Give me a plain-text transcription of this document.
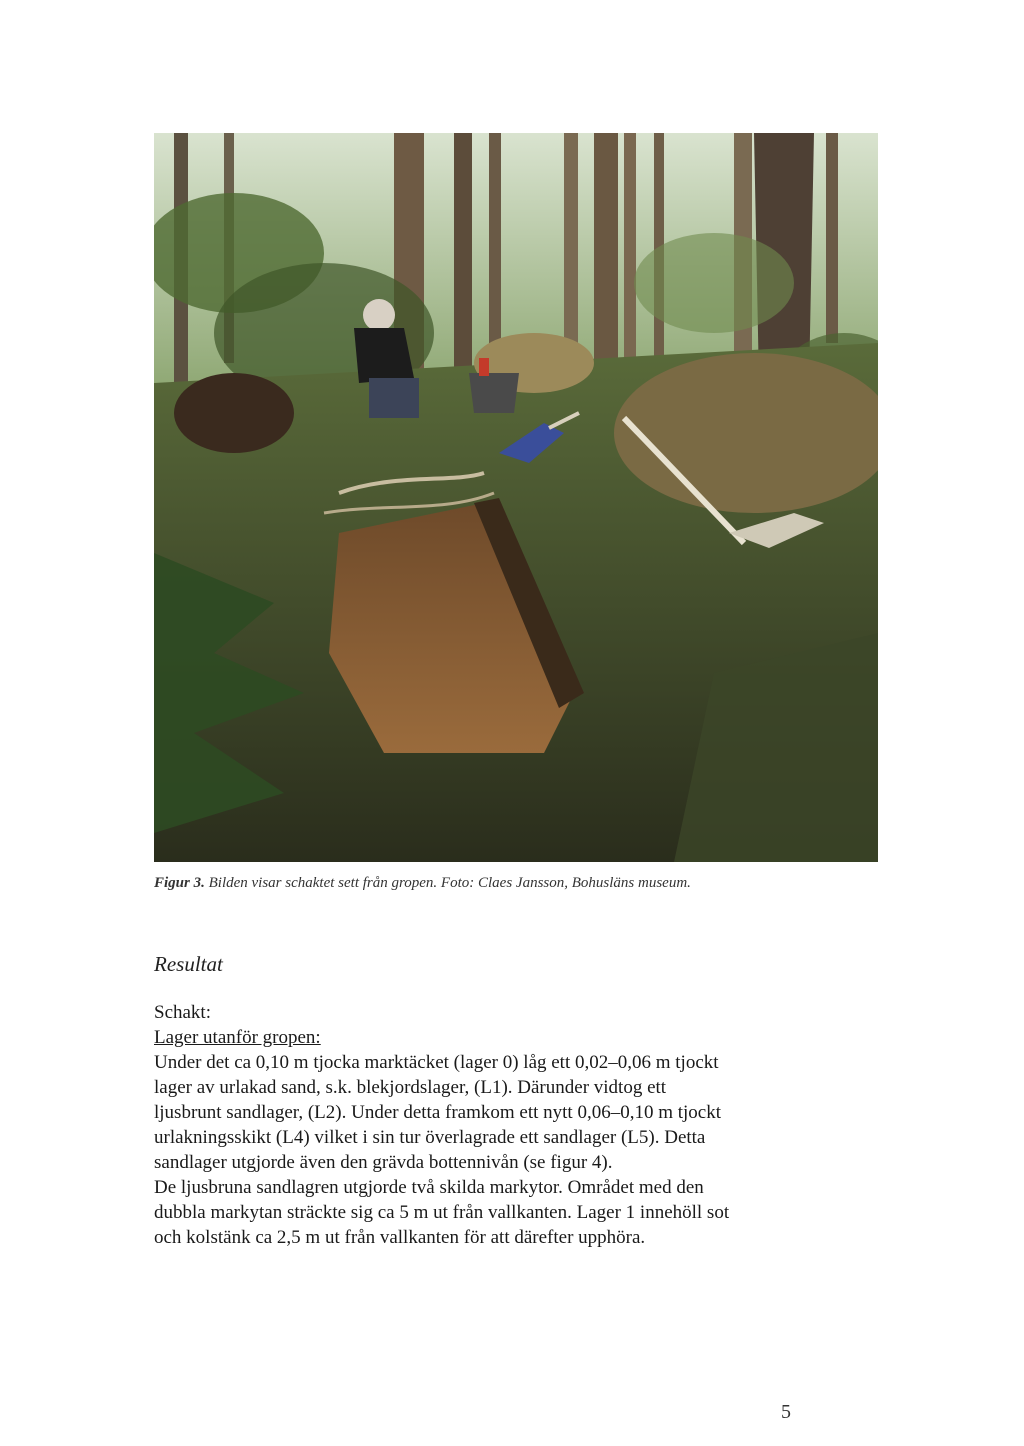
Figur 3. Bilden visar schaktet sett från gropen. Foto: Claes Jansson, Bohusläns museum.
Resultat
Schakt:
Lager utanför gropen:
Under det ca 0,10 m tjocka marktäcket (lager 0) låg ett 0,02–0,06 m tjockt
lager av urlakad sand, s.k. blekjordslager, (L1). Därunder vidtog ett
ljusbrunt sandlager, (L2). Under detta framkom ett nytt 0,06–0,10 m tjockt
urlakningsskikt (L4) vilket i sin tur överlagrade ett sandlager (L5). Detta
sandlager utgjorde även den grävda bottennivån (se figur 4).
De ljusbruna sandlagren utgjorde två skilda markytor. Området med den
dubbla markytan sträckte sig ca 5 m ut från vallkanten. Lager 1 innehöll sot
och kolstänk ca 2,5 m ut från vallkanten för att därefter upphöra.
5
